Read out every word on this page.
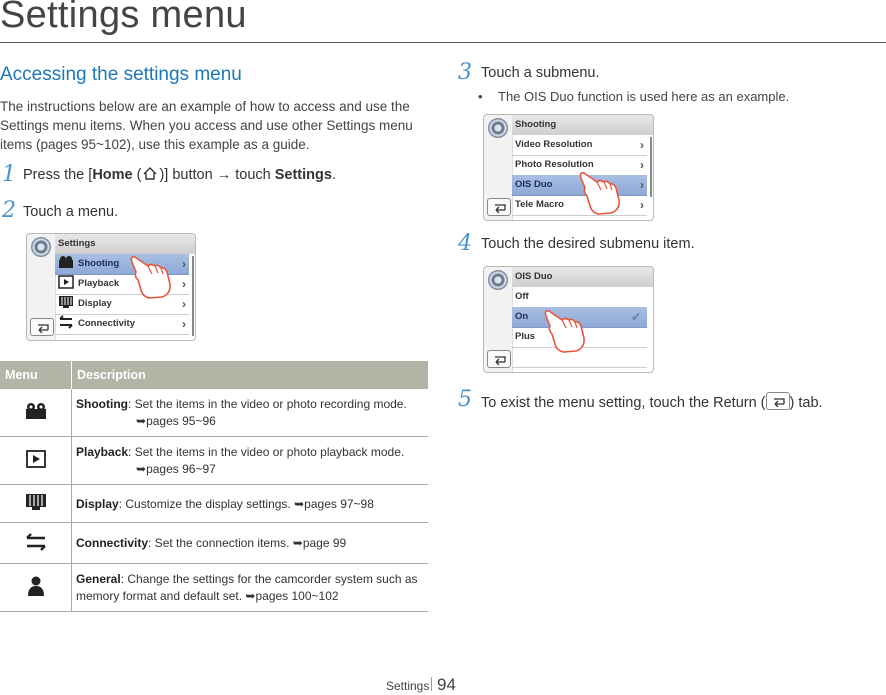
Settings menu
Accessing the settings menu
The instructions below are an example of how to access and use the Settings menu items. When you access and use other Settings menu items (pages 95~102), use this example as a guide.
1 Press the [Home ( )] button → touch Settings.
2 Touch a menu.
Settings
Shooting	›
Playback	›
Display	›
Connectivity	›
Menu	Description
	Shooting: Set the items in the video or photo recording mode.
➥pages 95~96

	Playback: Set the items in the video or photo playback mode.
➥pages 96~97

	Display: Customize the display settings. ➥pages 97~98
	Connectivity: Set the connection items. ➥page 99
	General: Change the settings for the camcorder system such as memory format and default set. ➥pages 100~102
3 Touch a submenu.
• The OIS Duo function is used here as an example.
Shooting
Video Resolution	›
Photo Resolution	›
OIS Duo	›
Tele Macro	›
4 Touch the desired submenu item.
OIS Duo
Off
On	✔
Plus
5 To exist the menu setting, touch the Return ( ) tab.
Settings 94
